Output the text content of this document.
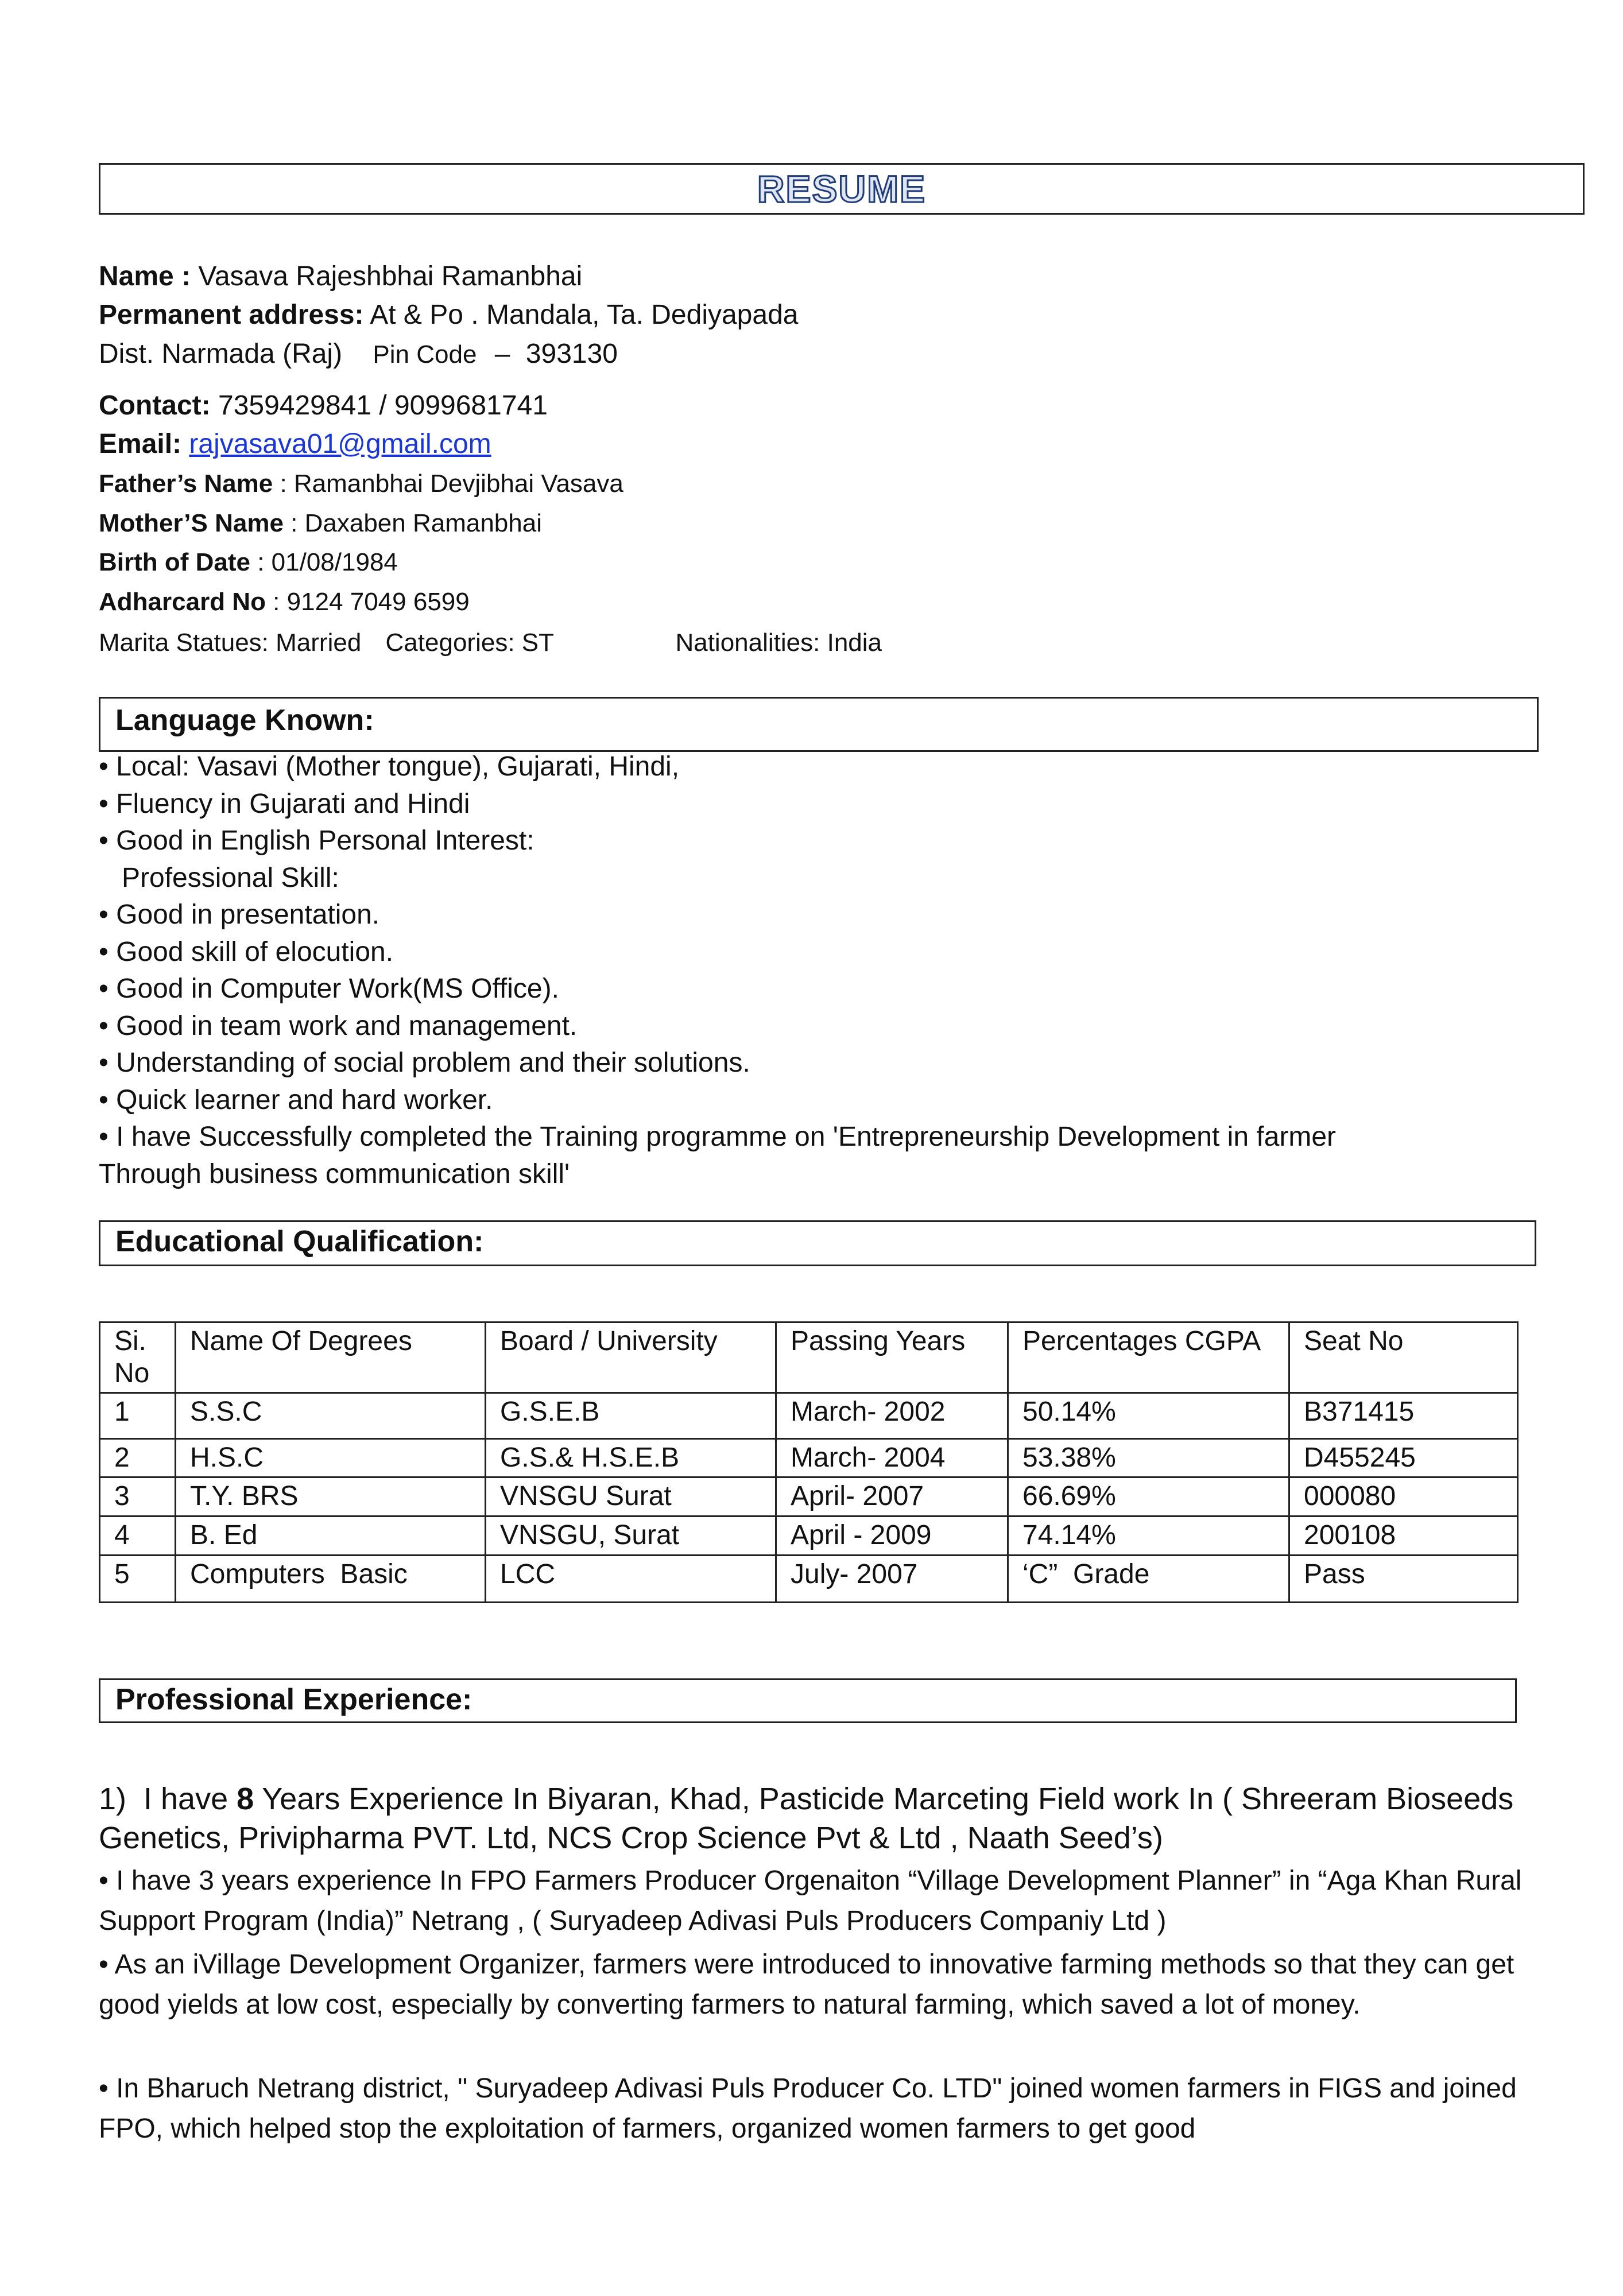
RESUME
Name : Vasava Rajeshbhai Ramanbhai
Permanent address: At & Po . Mandala, Ta. Dediyapada
Dist. Narmada (Raj) Pin Code – 393130
Contact: 7359429841 / 9099681741
Email: rajvasava01@gmail.com
Father’s Name : Ramanbhai Devjibhai Vasava
Mother’S Name : Daxaben Ramanbhai
Birth of Date : 01/08/1984
Adharcard No : 9124 7049 6599
Marita Statues: Married Categories: ST	Nationalities: India
Language Known:
• Local: Vasavi (Mother tongue), Gujarati, Hindi,
• Fluency in Gujarati and Hindi
• Good in English Personal Interest:
Professional Skill:
• Good in presentation.
• Good skill of elocution.
• Good in Computer Work(MS Office).
• Good in team work and management.
• Understanding of social problem and their solutions.
• Quick learner and hard worker.
• I have Successfully completed the Training programme on 'Entrepreneurship Development in farmer
Through business communication skill'
Educational Qualification:
Si. No	Name Of Degrees	Board / University	Passing Years	Percentages CGPA	Seat No
1	S.S.C	G.S.E.B	March- 2002	50.14%	B371415
2	H.S.C	G.S.& H.S.E.B	March- 2004	53.38%	D455245
3	T.Y. BRS	VNSGU Surat	April- 2007	66.69%	000080
4	B. Ed	VNSGU, Surat	April - 2009	74.14%	200108
5	Computers  Basic	LCC	July- 2007	‘C”  Grade	Pass
Professional Experience:
1)  I have 8 Years Experience In Biyaran, Khad, Pasticide Marceting Field work In ( Shreeram Bioseeds Genetics, Privipharma PVT. Ltd, NCS Crop Science Pvt & Ltd , Naath Seed’s)
• I have 3 years experience In FPO Farmers Producer Orgenaiton “Village Development Planner” in “Aga Khan Rural Support Program (India)” Netrang , ( Suryadeep Adivasi Puls Producers Companiy Ltd )
• As an iVillage Development Organizer, farmers were introduced to innovative farming methods so that they can get good yields at low cost, especially by converting farmers to natural farming, which saved a lot of money.
• In Bharuch Netrang district, " Suryadeep Adivasi Puls Producer Co. LTD" joined women farmers in FIGS and joined FPO, which helped stop the exploitation of farmers, organized women farmers to get good
